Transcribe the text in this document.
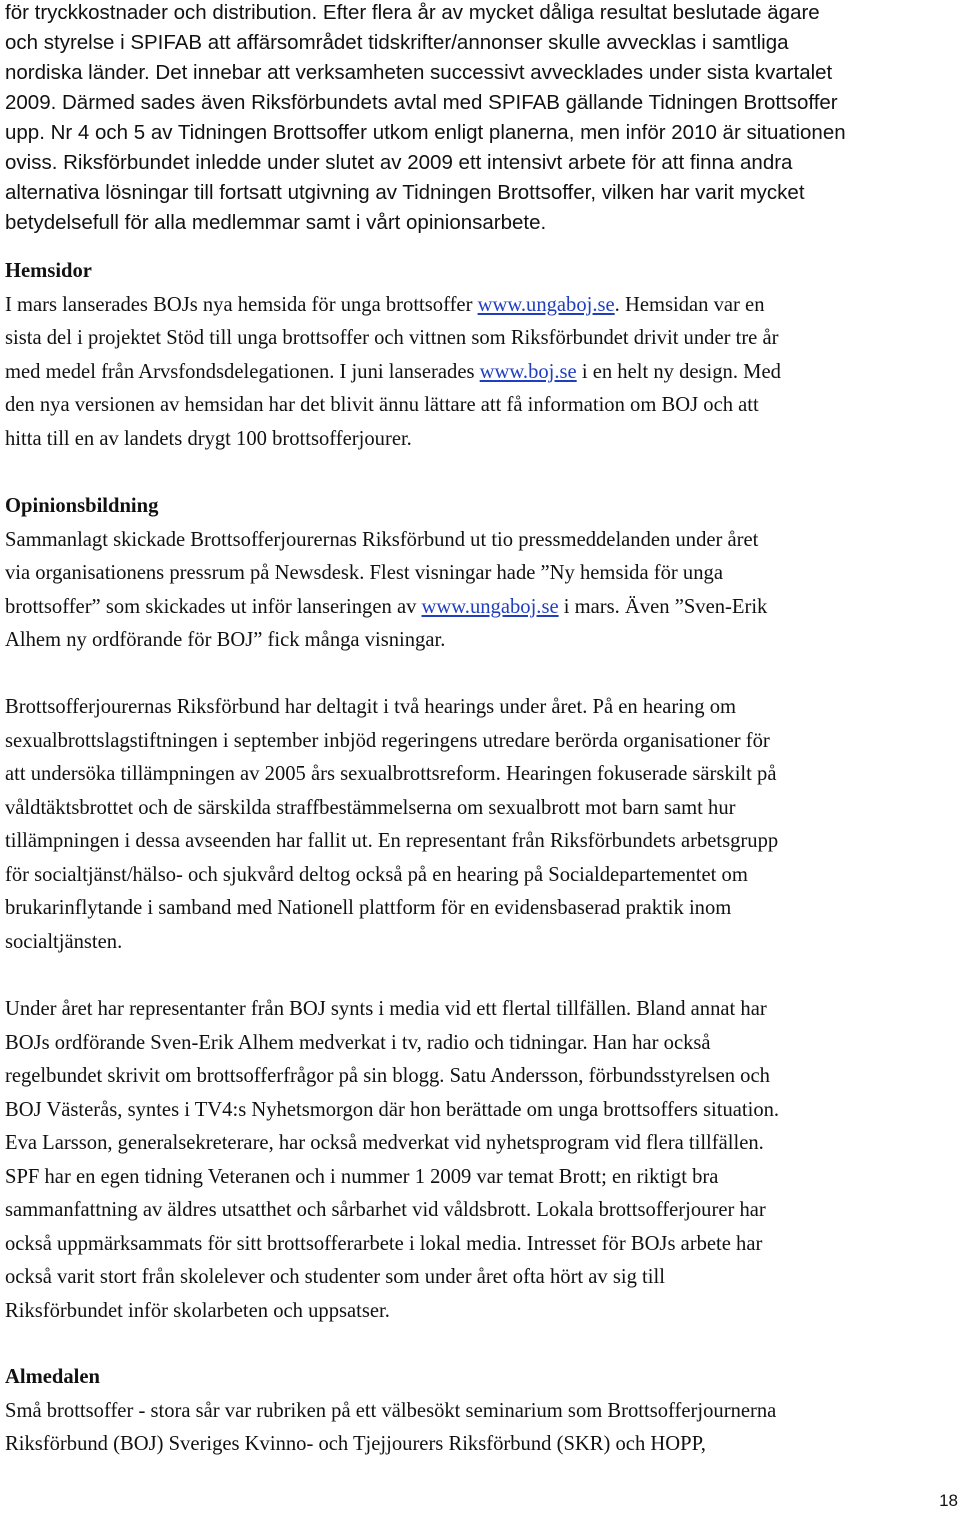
för tryckkostnader och distribution. Efter flera år av mycket dåliga resultat beslutade ägare
och styrelse i SPIFAB att affärsområdet tidskrifter/annonser skulle avvecklas i samtliga
nordiska länder. Det innebar att verksamheten successivt avvecklades under sista kvartalet
2009. Därmed sades även Riksförbundets avtal med SPIFAB gällande Tidningen Brottsoffer
upp. Nr 4 och 5 av Tidningen Brottsoffer utkom enligt planerna, men inför 2010 är situationen
oviss. Riksförbundet inledde under slutet av 2009 ett intensivt arbete för att finna andra
alternativa lösningar till fortsatt utgivning av Tidningen Brottsoffer, vilken har varit mycket
betydelsefull för alla medlemmar samt i vårt opinionsarbete.
Hemsidor
I mars lanserades BOJs nya hemsida för unga brottsoffer www.ungaboj.se. Hemsidan var en
sista del i projektet Stöd till unga brottsoffer och vittnen som Riksförbundet drivit under tre år
med medel från Arvsfondsdelegationen. I juni lanserades www.boj.se i en helt ny design. Med
den nya versionen av hemsidan har det blivit ännu lättare att få information om BOJ och att
hitta till en av landets drygt 100 brottsofferjourer.
Opinionsbildning
Sammanlagt skickade Brottsofferjourernas Riksförbund ut tio pressmeddelanden under året
via organisationens pressrum på Newsdesk. Flest visningar hade ”Ny hemsida för unga
brottsoffer” som skickades ut inför lanseringen av www.ungaboj.se i mars. Även ”Sven-Erik
Alhem ny ordförande för BOJ” fick många visningar.
Brottsofferjourernas Riksförbund har deltagit i två hearings under året. På en hearing om
sexualbrottslagstiftningen i september inbjöd regeringens utredare berörda organisationer för
att undersöka tillämpningen av 2005 års sexualbrottsreform. Hearingen fokuserade särskilt på
våldtäktsbrottet och de särskilda straffbestämmelserna om sexualbrott mot barn samt hur
tillämpningen i dessa avseenden har fallit ut. En representant från Riksförbundets arbetsgrupp
för socialtjänst/hälso- och sjukvård deltog också på en hearing på Socialdepartementet om
brukarinflytande i samband med Nationell plattform för en evidensbaserad praktik inom
socialtjänsten.
Under året har representanter från BOJ synts i media vid ett flertal tillfällen. Bland annat har
BOJs ordförande Sven-Erik Alhem medverkat i tv, radio och tidningar. Han har också
regelbundet skrivit om brottsofferfrågor på sin blogg. Satu Andersson, förbundsstyrelsen och
BOJ Västerås, syntes i TV4:s Nyhetsmorgon där hon berättade om unga brottsoffers situation.
Eva Larsson, generalsekreterare, har också medverkat vid nyhetsprogram vid flera tillfällen.
SPF har en egen tidning Veteranen och i nummer 1 2009 var temat Brott; en riktigt bra
sammanfattning av äldres utsatthet och sårbarhet vid våldsbrott. Lokala brottsofferjourer har
också uppmärksammats för sitt brottsofferarbete i lokal media. Intresset för BOJs arbete har
också varit stort från skolelever och studenter som under året ofta hört av sig till
Riksförbundet inför skolarbeten och uppsatser.
Almedalen
Små brottsoffer - stora sår var rubriken på ett välbesökt seminarium som Brottsofferjournerna
Riksförbund (BOJ) Sveriges Kvinno- och Tjejjourers Riksförbund (SKR) och HOPP,
18
